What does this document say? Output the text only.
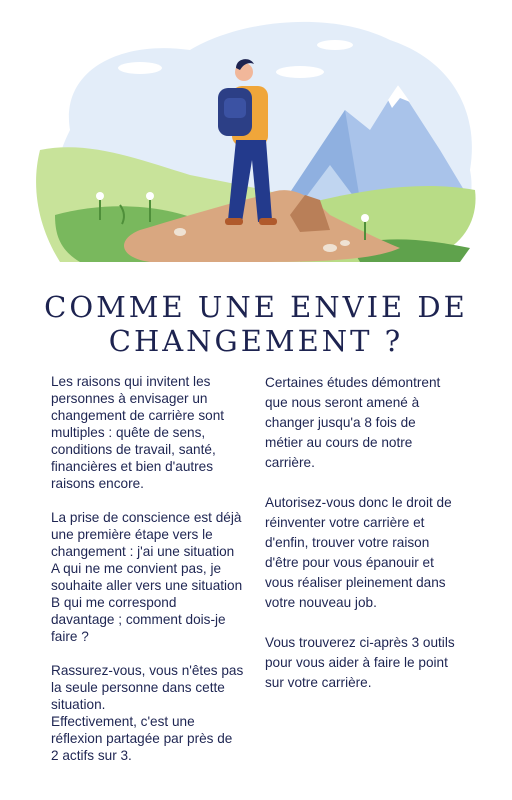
COMME UNE ENVIE DE
CHANGEMENT ?

Les raisons qui invitent les
personnes à envisager un
changement de carrière sont
multiples : quête de sens,
conditions de travail, santé,
financières et bien d'autres
raisons encore.

La prise de conscience est déjà
une première étape vers le
changement : j'ai une situation
A qui ne me convient pas, je
souhaite aller vers une situation
B qui me correspond
davantage ; comment dois-je
faire ?

Rassurez-vous, vous n'êtes pas
la seule personne dans cette
situation.

Effectivement, c'est une
réflexion partagée par près de
2 actifs sur 3.

Certaines études démontrent
que nous seront amené à
changer jusqu'a 8 fois de
métier au cours de notre
carrière.

Autorisez-vous donc le droit de
réinventer votre carrière et
d'enfin, trouver votre raison
d'être pour vous épanouir et
vous réaliser pleinement dans
votre nouveau job.

Vous trouverez ci-après 3 outils
pour vous aider à faire le point
sur votre carrière.
